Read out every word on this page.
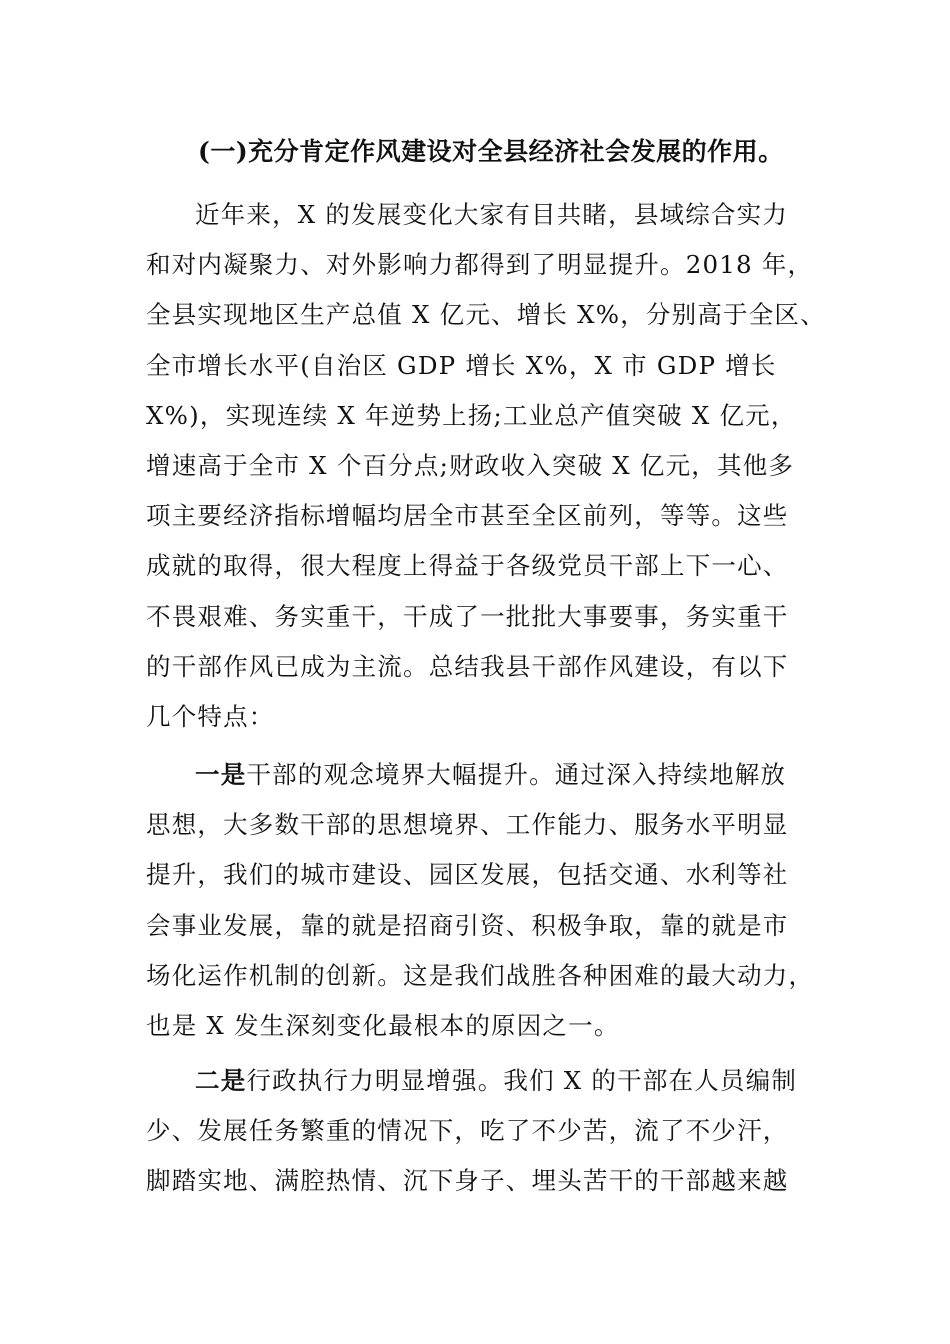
(一)充分肯定作风建设对全县经济社会发展的作用。
近年来，X 的发展变化大家有目共睹，县域综合实力
和对内凝聚力、对外影响力都得到了明显提升。2018 年，
全县实现地区生产总值 X 亿元、增长 X%，分别高于全区、
全市增长水平(自治区 GDP 增长 X%，X 市 GDP 增长
X%)，实现连续 X 年逆势上扬;工业总产值突破 X 亿元，
增速高于全市 X 个百分点;财政收入突破 X 亿元，其他多
项主要经济指标增幅均居全市甚至全区前列，等等。这些
成就的取得，很大程度上得益于各级党员干部上下一心、
不畏艰难、务实重干，干成了一批批大事要事，务实重干
的干部作风已成为主流。总结我县干部作风建设，有以下
几个特点：
一是干部的观念境界大幅提升。通过深入持续地解放
思想，大多数干部的思想境界、工作能力、服务水平明显
提升，我们的城市建设、园区发展，包括交通、水利等社
会事业发展，靠的就是招商引资、积极争取，靠的就是市
场化运作机制的创新。这是我们战胜各种困难的最大动力，
也是 X 发生深刻变化最根本的原因之一。
二是行政执行力明显增强。我们 X 的干部在人员编制
少、发展任务繁重的情况下，吃了不少苦，流了不少汗，
脚踏实地、满腔热情、沉下身子、埋头苦干的干部越来越
